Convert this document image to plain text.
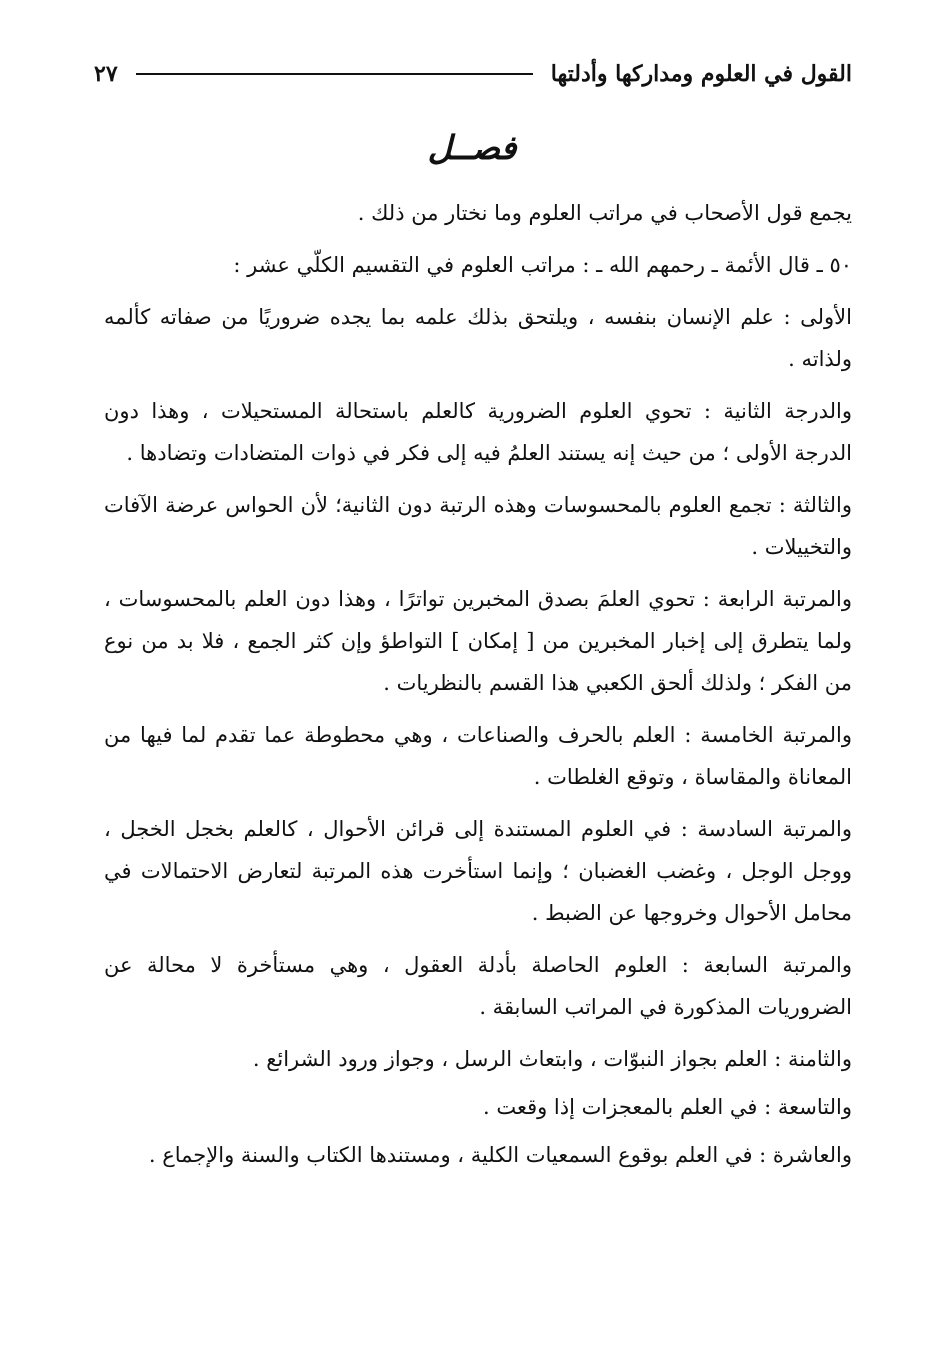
القول في العلوم ومداركها وأدلتها
٢٧
فصــل

يجمع قول الأصحاب في مراتب العلوم وما نختار من ذلك .

٥٠ ـ قال الأئمة ـ رحمهم الله ـ : مراتب العلوم في التقسيم الكلّي عشر :

الأولى : علم الإنسان بنفسه ، ويلتحق بذلك علمه بما يجده ضروريًا من صفاته كألمه ولذاته .

والدرجة الثانية : تحوي العلوم الضرورية كالعلم باستحالة المستحيلات ، وهذا دون الدرجة الأولى ؛ من حيث إنه يستند العلمُ فيه إلى فكر في ذوات المتضادات وتضادها .

والثالثة : تجمع العلوم بالمحسوسات وهذه الرتبة دون الثانية؛ لأن الحواس عرضة الآفات والتخييلات .

والمرتبة الرابعة : تحوي العلمَ بصدق المخبرين تواترًا ، وهذا دون العلم بالمحسوسات ، ولما يتطرق إلى إخبار المخبرين من [ إمكان ] التواطؤ وإن كثر الجمع ، فلا بد من نوع من الفكر ؛ ولذلك ألحق الكعبي هذا القسم بالنظريات .

والمرتبة الخامسة : العلم بالحرف والصناعات ، وهي محطوطة عما تقدم لما فيها من المعاناة والمقاساة ، وتوقع الغلطات .

والمرتبة السادسة : في العلوم المستندة إلى قرائن الأحوال ، كالعلم بخجل الخجل ، ووجل الوجل ، وغضب الغضبان ؛ وإنما استأخرت هذه المرتبة لتعارض الاحتمالات في محامل الأحوال وخروجها عن الضبط .

والمرتبة السابعة : العلوم الحاصلة بأدلة العقول ، وهي مستأخرة لا محالة عن الضروريات المذكورة في المراتب السابقة .

والثامنة : العلم بجواز النبوّات ، وابتعاث الرسل ، وجواز ورود الشرائع .

والتاسعة : في العلم بالمعجزات إذا وقعت .

والعاشرة : في العلم بوقوع السمعيات الكلية ، ومستندها الكتاب والسنة والإجماع .
